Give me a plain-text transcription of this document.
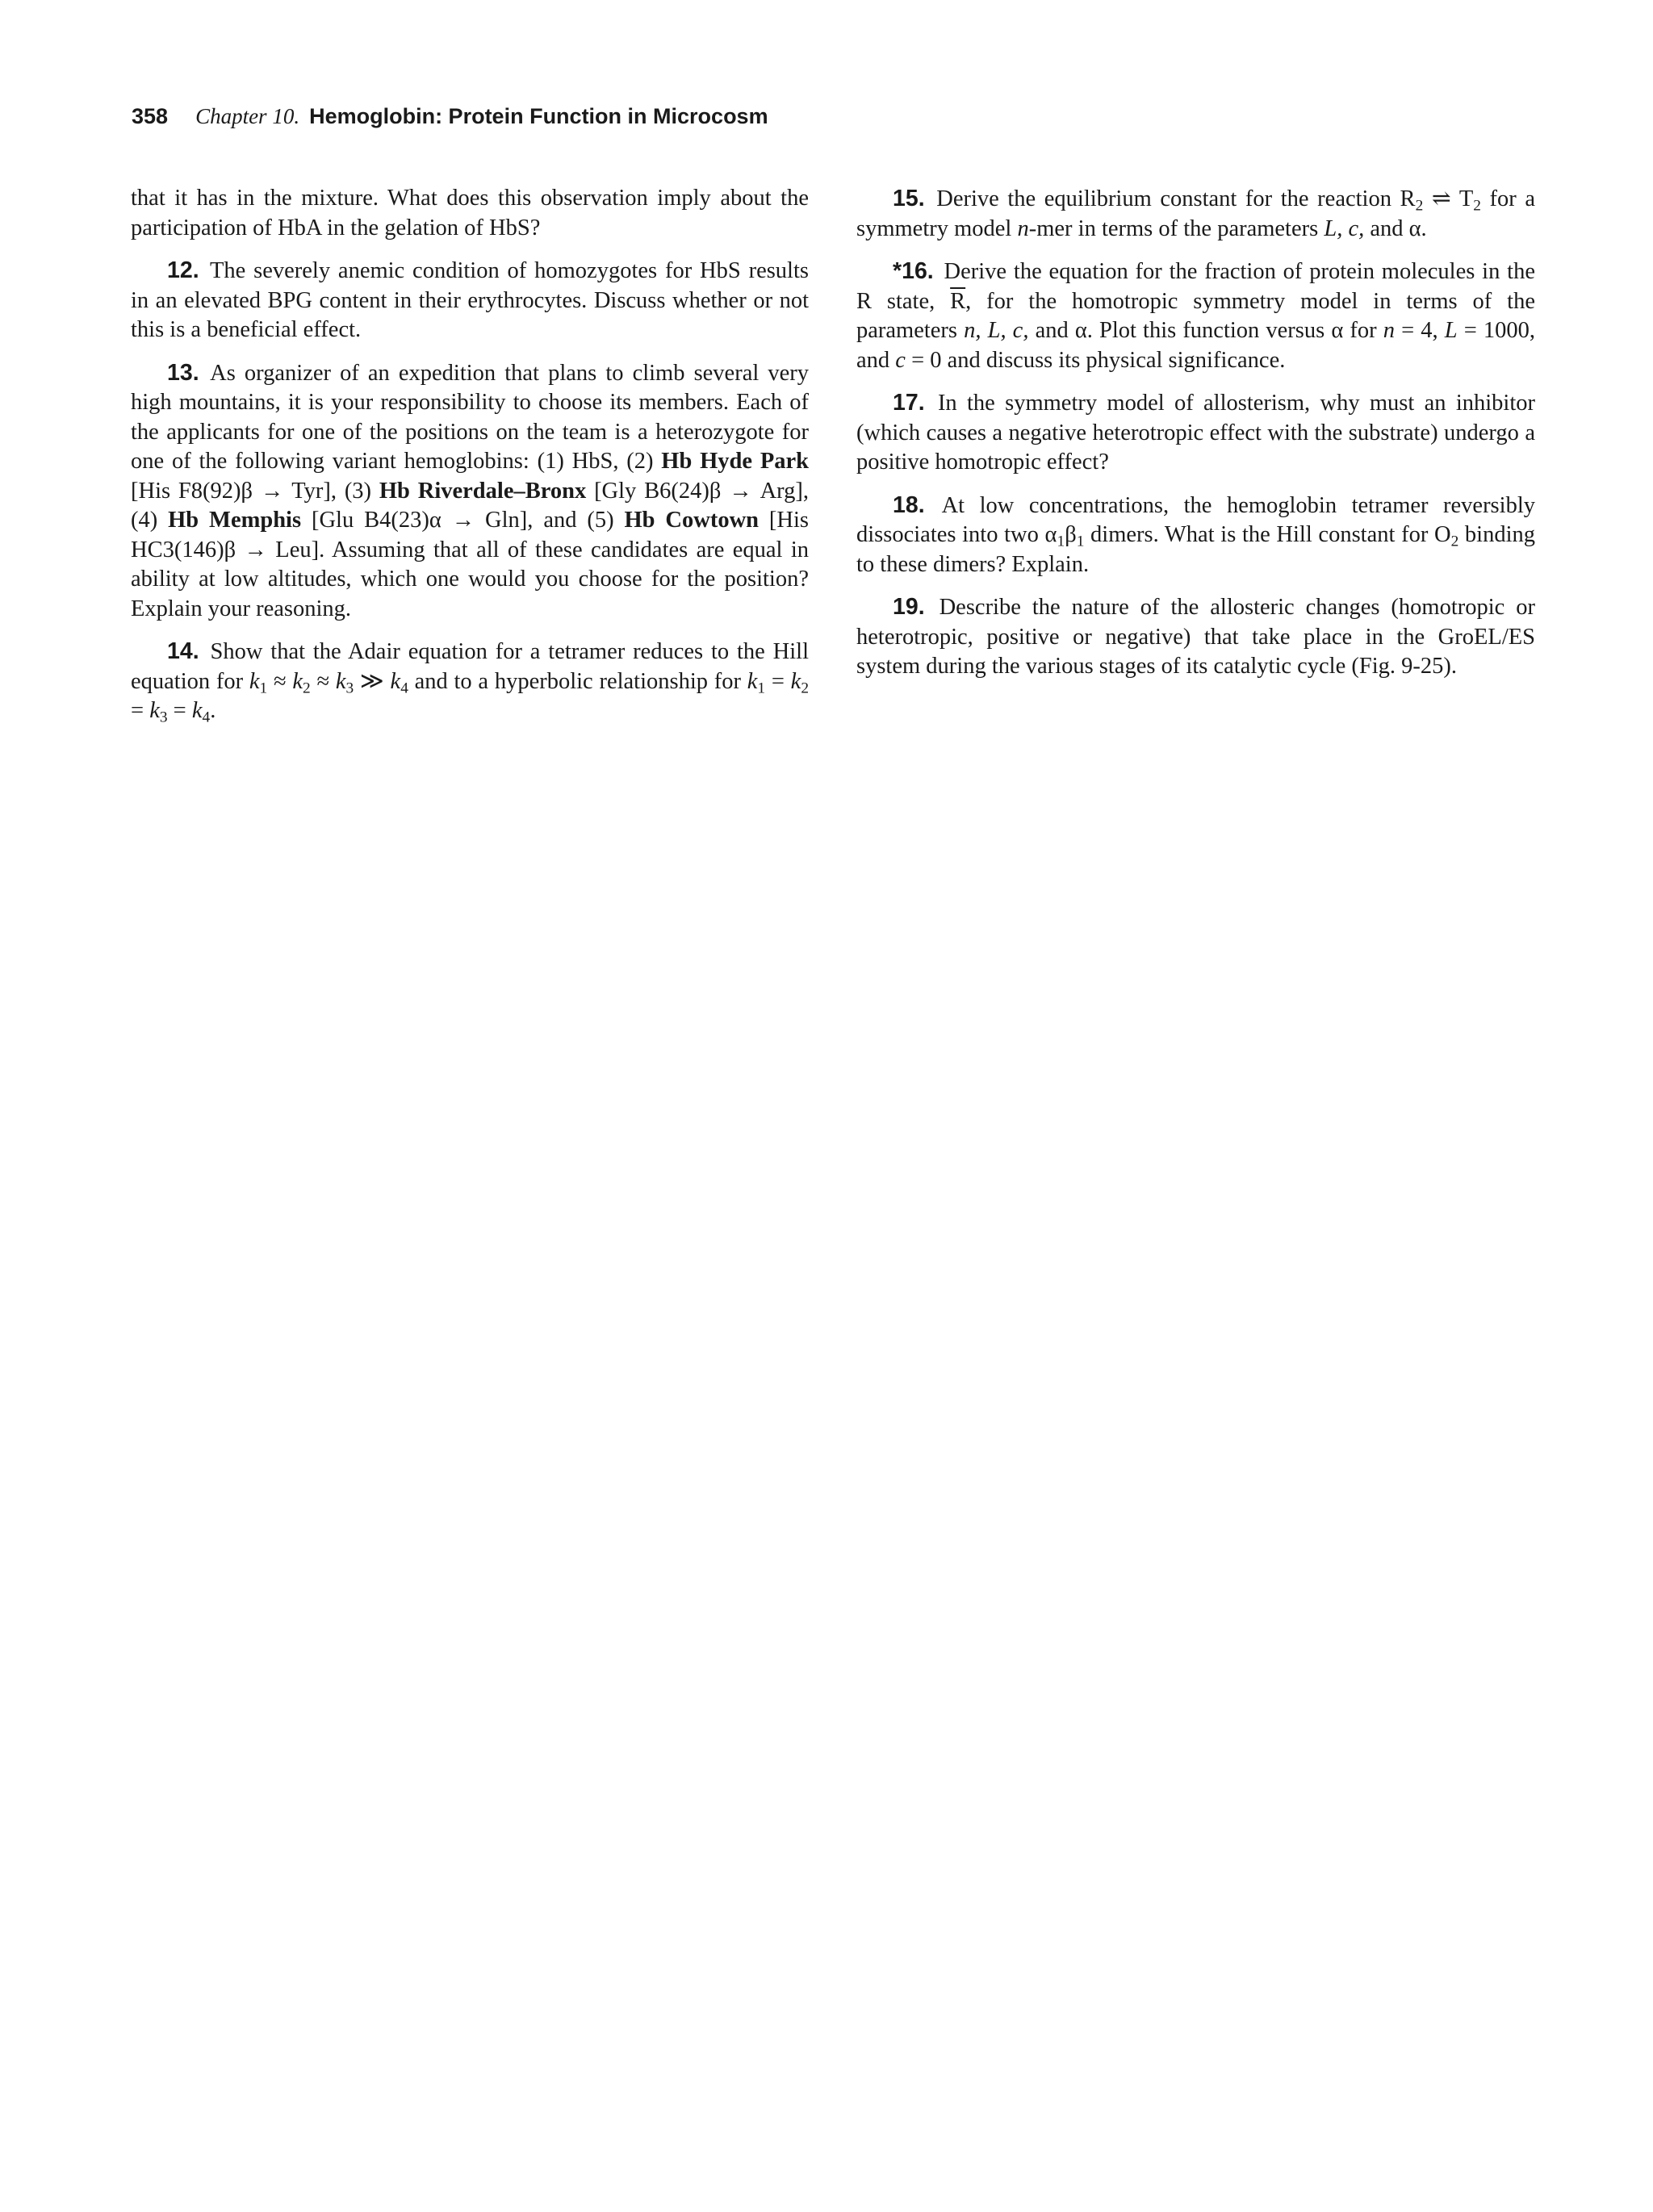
358 Chapter 10. Hemoglobin: Protein Function in Microcosm

that it has in the mixture. What does this observation imply about the participation of HbA in the gelation of HbS?

12. The severely anemic condition of homozygotes for HbS results in an elevated BPG content in their erythrocytes. Discuss whether or not this is a beneficial effect.

13. As organizer of an expedition that plans to climb several very high mountains, it is your responsibility to choose its members. Each of the applicants for one of the positions on the team is a heterozygote for one of the following variant hemoglobins: (1) HbS, (2) Hb Hyde Park [His F8(92)β → Tyr], (3) Hb Riverdale–Bronx [Gly B6(24)β → Arg], (4) Hb Memphis [Glu B4(23)α → Gln], and (5) Hb Cowtown [His HC3(146)β → Leu]. Assuming that all of these candidates are equal in ability at low altitudes, which one would you choose for the position? Explain your reasoning.

14. Show that the Adair equation for a tetramer reduces to the Hill equation for $k_1 \approx k_2 \approx k_3$ ≫ $k_4$ and to a hyperbolic relationship for $k_1 = k_2 = k_3 = k_4$.

15. Derive the equilibrium constant for the reaction $R_2$ ⇌ $T_2$ for a symmetry model n-mer in terms of the parameters L, c, and α.

*16. Derive the equation for the fraction of protein molecules in the R state, $\overline{R}$, for the homotropic symmetry model in terms of the parameters n, L, c, and α. Plot this function versus α for n = 4, L = 1000, and c = 0 and discuss its physical significance.

17. In the symmetry model of allosterism, why must an inhibitor (which causes a negative heterotropic effect with the substrate) undergo a positive homotropic effect?

18. At low concentrations, the hemoglobin tetramer reversibly dissociates into two $\alpha_1\beta_1$ dimers. What is the Hill constant for $O_2$ binding to these dimers? Explain.

19. Describe the nature of the allosteric changes (homotropic or heterotropic, positive or negative) that take place in the GroEL/ES system during the various stages of its catalytic cycle (Fig. 9-25).
